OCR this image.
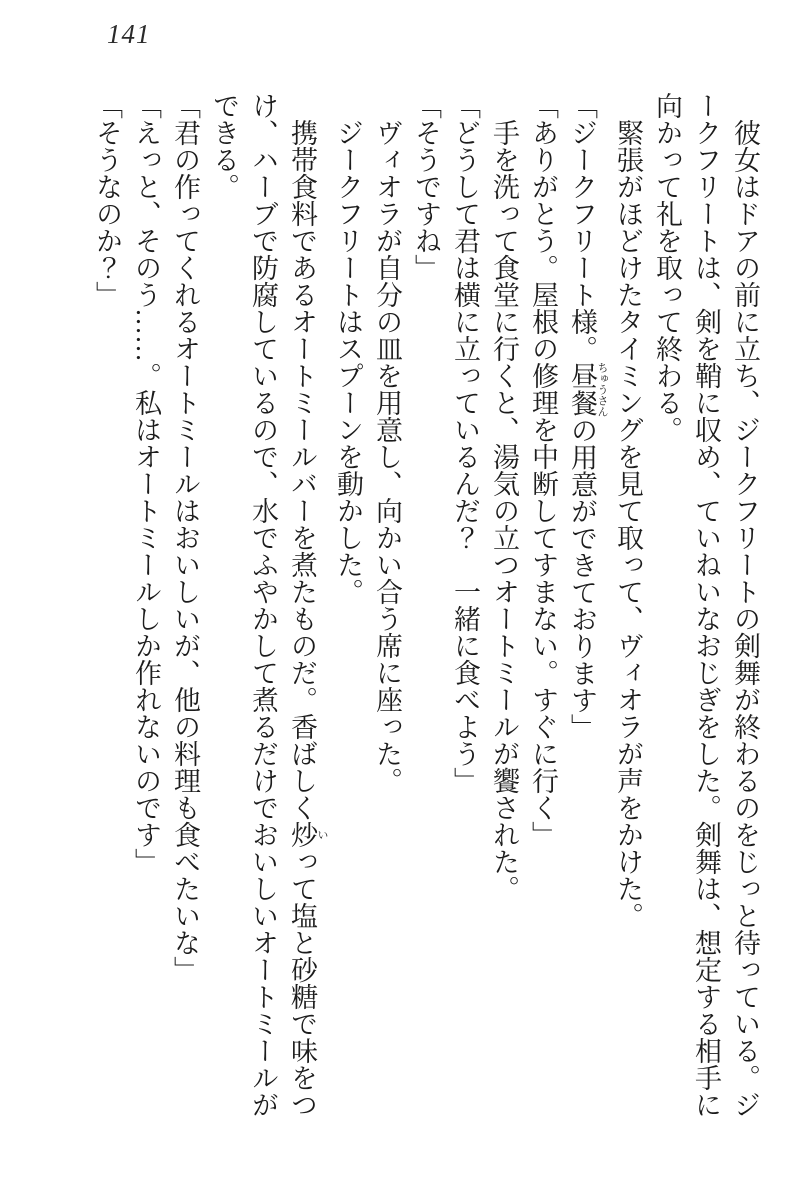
141

彼女はドアの前に立ち、ジークフリートの剣舞が終わるのをじっと待っている。ジークフリートは、剣を鞘に収め、ていねいなおじぎをした。剣舞は、想定する相手に向かって礼を取って終わる。

緊張がほどけたタイミングを見て取って、ヴィオラが声をかけた。

「ジークフリート様。昼餐 ちゅうさんの用意ができております」

「ありがとう。屋根の修理を中断してすまない。すぐに行く」

手を洗って食堂に行くと、湯気の立つオートミールが饗された。

「どうして君は横に立っているんだ？　一緒に食べよう」

「そうですね」

ヴィオラが自分の皿を用意し、向かい合う席に座った。

ジークフリートはスプーンを動かした。

携帯食料であるオートミールバーを煮たものだ。香ばしく炒 いって塩と砂糖で味をつけ、ハーブで防腐しているので、水でふやかして煮るだけでおいしいオートミールができる。

「君の作ってくれるオートミールはおいしいが、他の料理も食べたいな」

「えっと、そのう……。私はオートミールしか作れないのです」

「そうなのか？」
